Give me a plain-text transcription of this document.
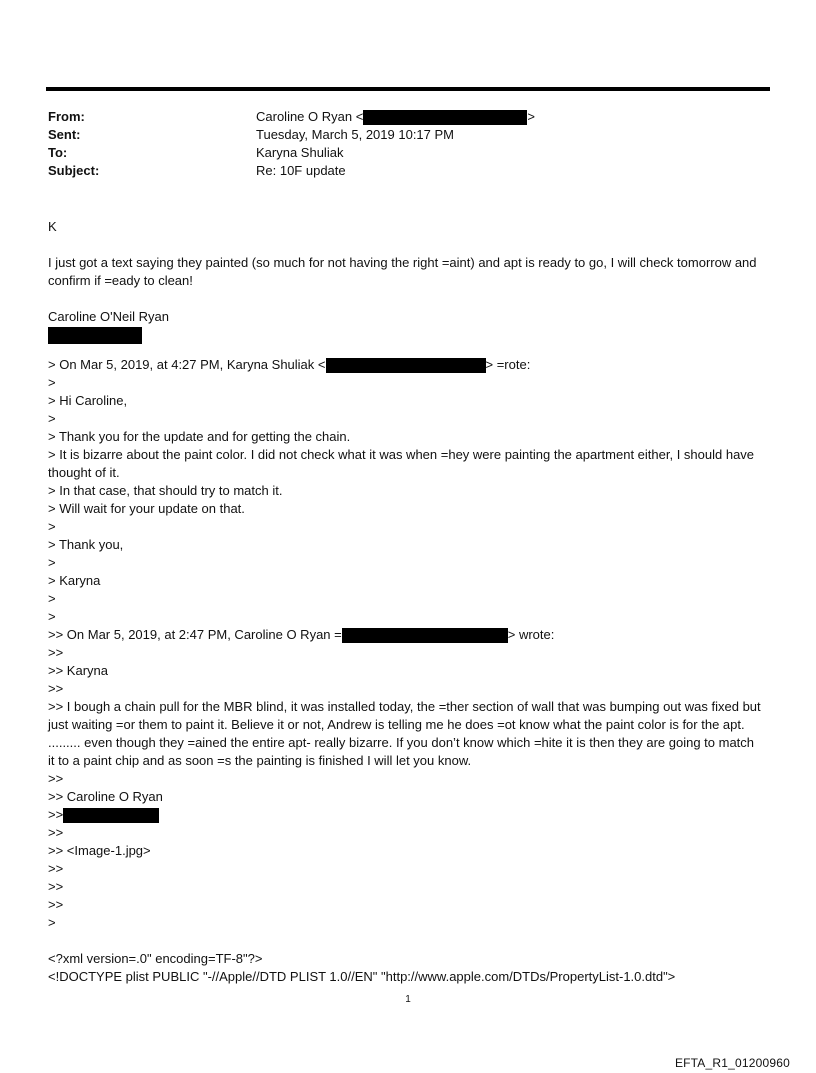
From:	Caroline O Ryan <	>
Sent:	Tuesday, March 5, 2019 10:17 PM
To:	Karyna Shuliak
Subject:	Re: 10F update

K

I just got a text saying they painted (so much for not having the right =aint) and apt is ready to go, I will check tomorrow and confirm if =eady to clean!

Caroline O'Neil Ryan

> On Mar 5, 2019, at 4:27 PM, Karyna Shuliak <	> =rote:

>

> Hi Caroline,

>

> Thank you for the update and for getting the chain.

> It is bizarre about the paint color. I did not check what it was when =hey were painting the apartment either, I should have thought of it.

> In that case, that should try to match it.

> Will wait for your update on that.

>

> Thank you,

>

> Karyna

>

>

>> On Mar 5, 2019, at 2:47 PM, Caroline O Ryan =	> wrote:

>>

>> Karyna

>>

>> I bough a chain pull for the MBR blind, it was installed today, the =ther section of wall that was bumping out was fixed but just waiting =or them to paint it. Believe it or not, Andrew is telling me he does =ot know what the paint color is for the apt. ......... even though they =ained the entire apt- really bizarre. If you don’t know which =hite it is then they are going to match it to a paint chip and as soon =s the painting is finished I will let you know.

>>

>> Caroline O Ryan

>>

>>

>> <Image-1.jpg>

>>

>>

>>

>

<?xml version=.0" encoding=TF-8"?>

<!DOCTYPE plist PUBLIC "-//Apple//DTD PLIST 1.0//EN" "http://www.apple.com/DTDs/PropertyList-1.0.dtd">

1
EFTA_R1_01200960
